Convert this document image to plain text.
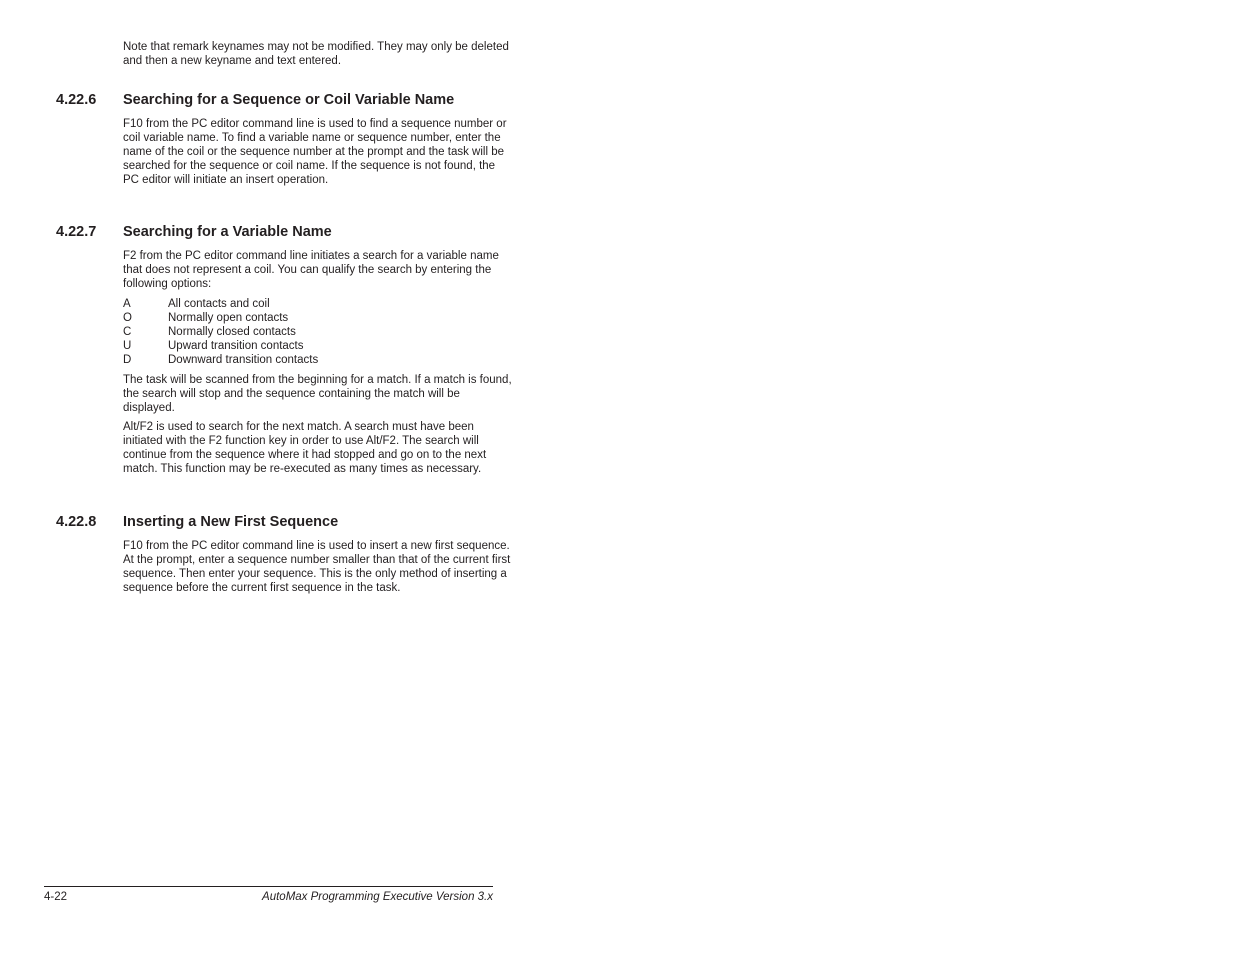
Note that remark keynames may not be modified. They may only be deleted and then a new keyname and text entered.

4.22.6 Searching for a Sequence or Coil Variable Name

F10 from the PC editor command line is used to find a sequence number or coil variable name. To find a variable name or sequence number, enter the name of the coil or the sequence number at the prompt and the task will be searched for the sequence or coil name. If the sequence is not found, the PC editor will initiate an insert operation.

4.22.7 Searching for a Variable Name

F2 from the PC editor command line initiates a search for a variable name that does not represent a coil. You can qualify the search by entering the following options:

A	All contacts and coil
O	Normally open contacts
C	Normally closed contacts
U	Upward transition contacts
D	Downward transition contacts

The task will be scanned from the beginning for a match. If a match is found, the search will stop and the sequence containing the match will be displayed.

Alt/F2 is used to search for the next match. A search must have been initiated with the F2 function key in order to use Alt/F2. The search will continue from the sequence where it had stopped and go on to the next match. This function may be re-executed as many times as necessary.

4.22.8 Inserting a New First Sequence

F10 from the PC editor command line is used to insert a new first sequence. At the prompt, enter a sequence number smaller than that of the current first sequence. Then enter your sequence. This is the only method of inserting a sequence before the current first sequence in the task.

4-22	AutoMax Programming Executive Version 3.x
